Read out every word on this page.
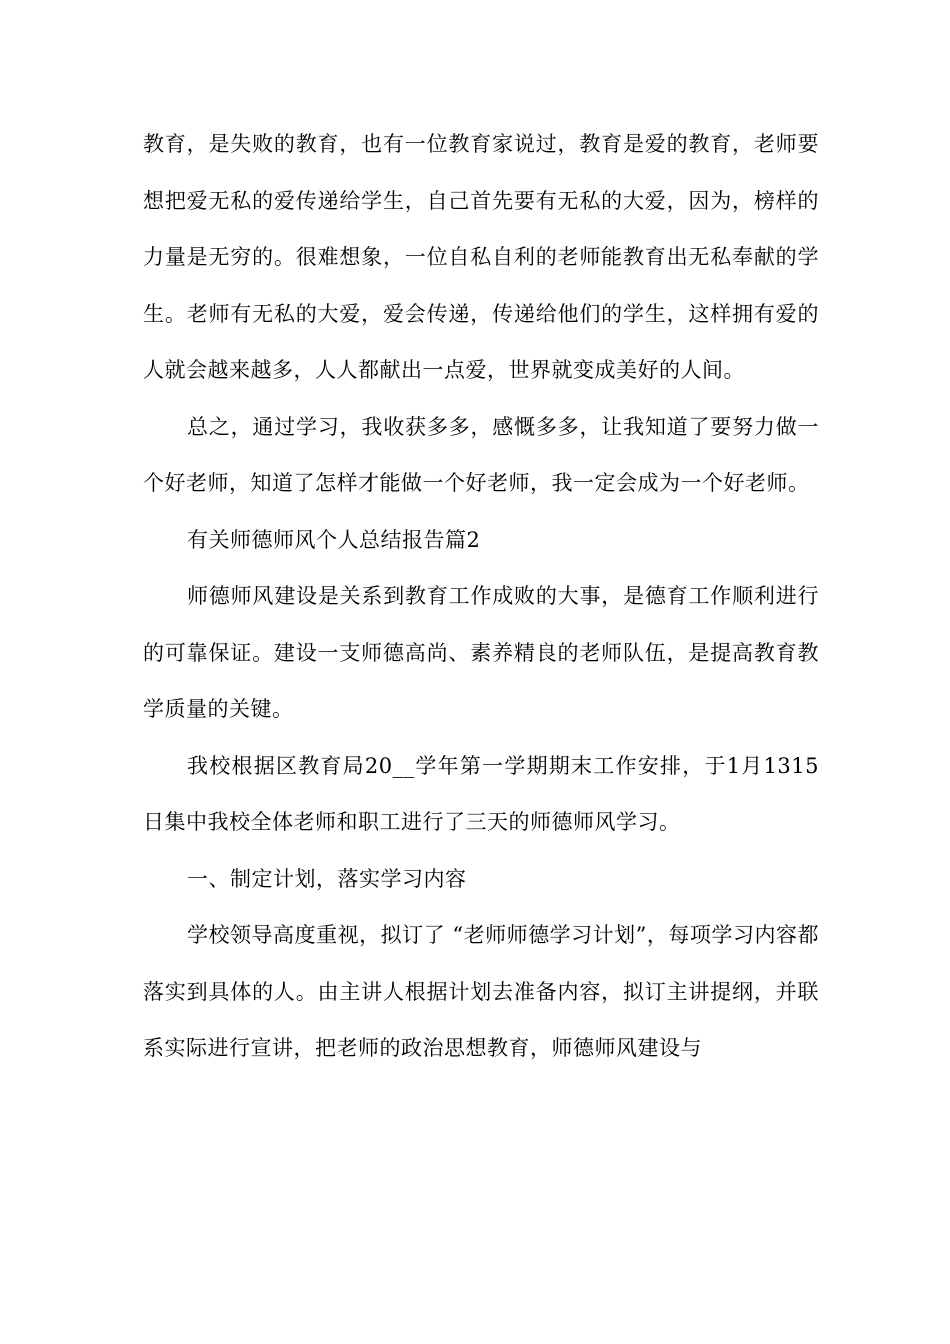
教育，是失败的教育，也有一位教育家说过，教育是爱的教育，老师要想把爱无私的爱传递给学生，自己首先要有无私的大爱，因为，榜样的力量是无穷的。很难想象，一位自私自利的老师能教育出无私奉献的学生。老师有无私的大爱，爱会传递，传递给他们的学生，这样拥有爱的人就会越来越多，人人都献出一点爱，世界就变成美好的人间。

总之，通过学习，我收获多多，感慨多多，让我知道了要努力做一个好老师，知道了怎样才能做一个好老师，我一定会成为一个好老师。

有关师德师风个人总结报告篇2

师德师风建设是关系到教育工作成败的大事，是德育工作顺利进行的可靠保证。建设一支师德高尚、素养精良的老师队伍，是提高教育教学质量的关键。

我校根据区教育局20__学年第一学期期末工作安排，于1月1315日集中我校全体老师和职工进行了三天的师德师风学习。

一、制定计划，落实学习内容

学校领导高度重视，拟订了 “老师师德学习计划”，每项学习内容都落实到具体的人。由主讲人根据计划去准备内容，拟订主讲提纲，并联系实际进行宣讲，把老师的政治思想教育，师德师风建设与
